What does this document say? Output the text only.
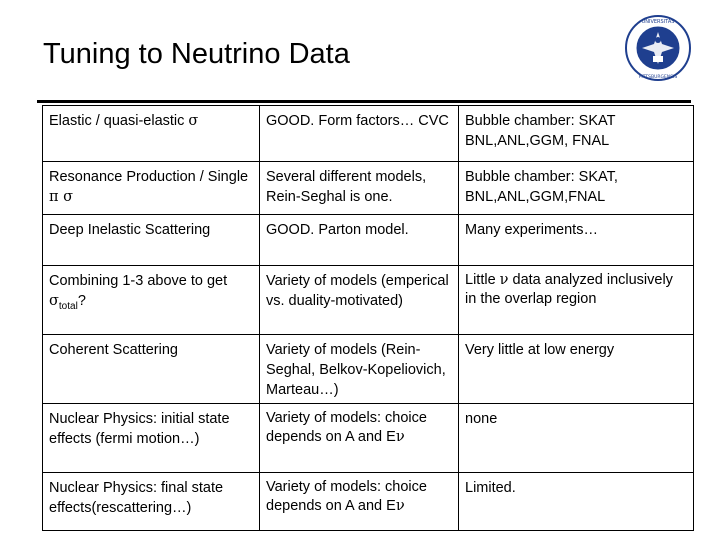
Tuning to Neutrino Data
UNIVERSITAS
PITTSBURGENSIS
Elastic / quasi-elastic σ	GOOD. Form factors… CVC	Bubble chamber: SKAT BNL,ANL,GGM, FNAL
Resonance Production / Single π σ	Several different models, Rein-Seghal is one.	Bubble chamber: SKAT, BNL,ANL,GGM,FNAL
Deep Inelastic Scattering	GOOD. Parton model.	Many experiments…
Combining 1-3 above to get $\sigma_{total}$?	Variety of models (emperical vs. duality-motivated)	Little ν data analyzed inclusively in the overlap region
Coherent Scattering	Variety of models (Rein-Seghal, Belkov-Kopeliovich, Marteau…)	Very little at low energy
Nuclear Physics: initial state effects (fermi motion…)	Variety of models: choice depends on A and Eν	none
Nuclear Physics: final state effects(rescattering…)	Variety of models: choice depends on A and Eν	Limited.
